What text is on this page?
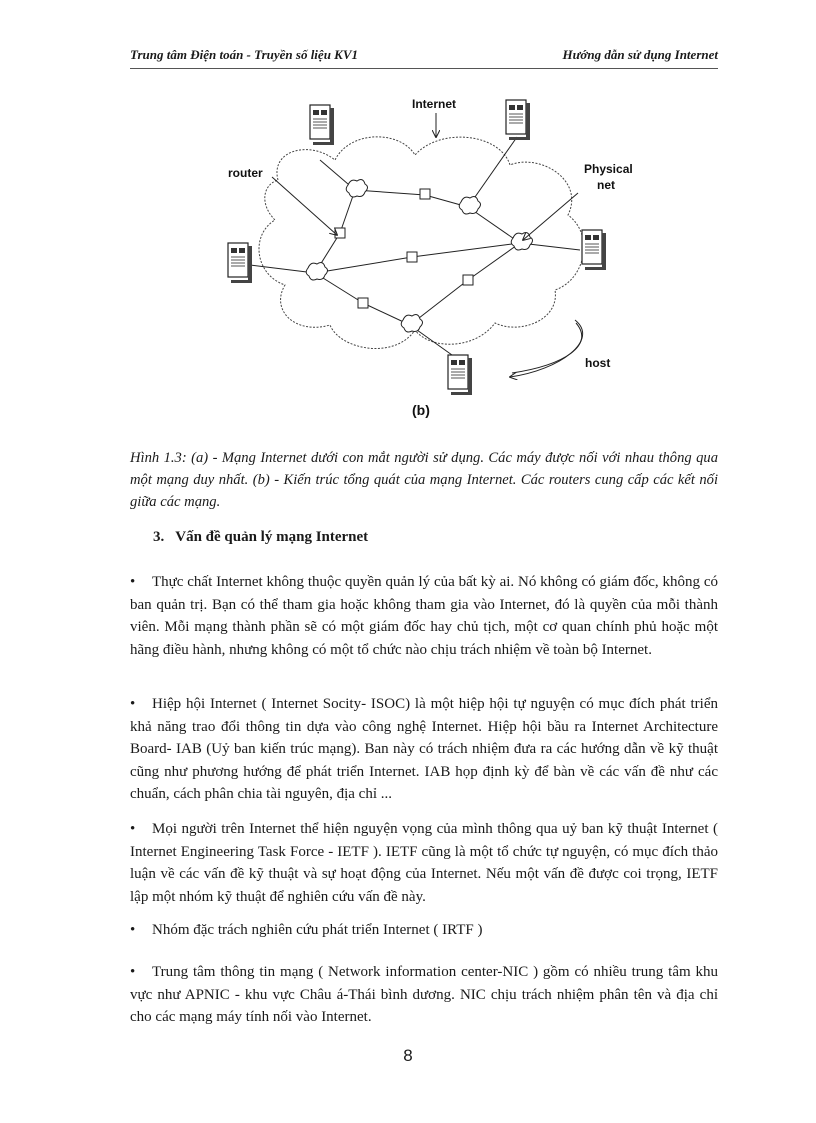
Trung tâm Điện toán - Truyền số liệu KV1	Hướng dẫn sử dụng Internet
Internet
router	Physical
net
host
(b)
Hình 1.3: (a) - Mạng Internet dưới con mắt người sử dụng. Các máy được nối với nhau thông qua một mạng duy nhất. (b) - Kiến trúc tổng quát của mạng Internet. Các routers cung cấp các kết nối giữa các mạng.
3. Vấn đề quản lý mạng Internet
• Thực chất Internet không thuộc quyền quản lý của bất kỳ ai. Nó không có giám đốc, không có ban quản trị. Bạn có thể tham gia hoặc không tham gia vào Internet, đó là quyền của mỗi thành viên. Mỗi mạng thành phần sẽ có một giám đốc hay chủ tịch, một cơ quan chính phủ hoặc một hãng điều hành, nhưng không có một tổ chức nào chịu trách nhiệm về toàn bộ Internet.
• Hiệp hội Internet ( Internet Socity- ISOC) là một hiệp hội tự nguyện có mục đích phát triển khả năng trao đổi thông tin dựa vào công nghệ Internet. Hiệp hội bầu ra Internet Architecture Board- IAB (Uỷ ban kiến trúc mạng). Ban này có trách nhiệm đưa ra các hướng dẫn về kỹ thuật cũng như phương hướng để phát triển Internet. IAB họp định kỳ để bàn về các vấn đề như các chuẩn, cách phân chia tài nguyên, địa chỉ ...
• Mọi người trên Internet thể hiện nguyện vọng của mình thông qua uỷ ban kỹ thuật Internet ( Internet Engineering Task Force - IETF ). IETF cũng là một tổ chức tự nguyện, có mục đích thảo luận về các vấn đề kỹ thuật và sự hoạt động của Internet. Nếu một vấn đề được coi trọng, IETF lập một nhóm kỹ thuật để nghiên cứu vấn đề này.
• Nhóm đặc trách nghiên cứu phát triển Internet ( IRTF )
• Trung tâm thông tin mạng ( Network information center-NIC ) gồm có nhiều trung tâm khu vực như APNIC - khu vực Châu á-Thái bình dương. NIC chịu trách nhiệm phân tên và địa chỉ cho các mạng máy tính nối vào Internet.
8
